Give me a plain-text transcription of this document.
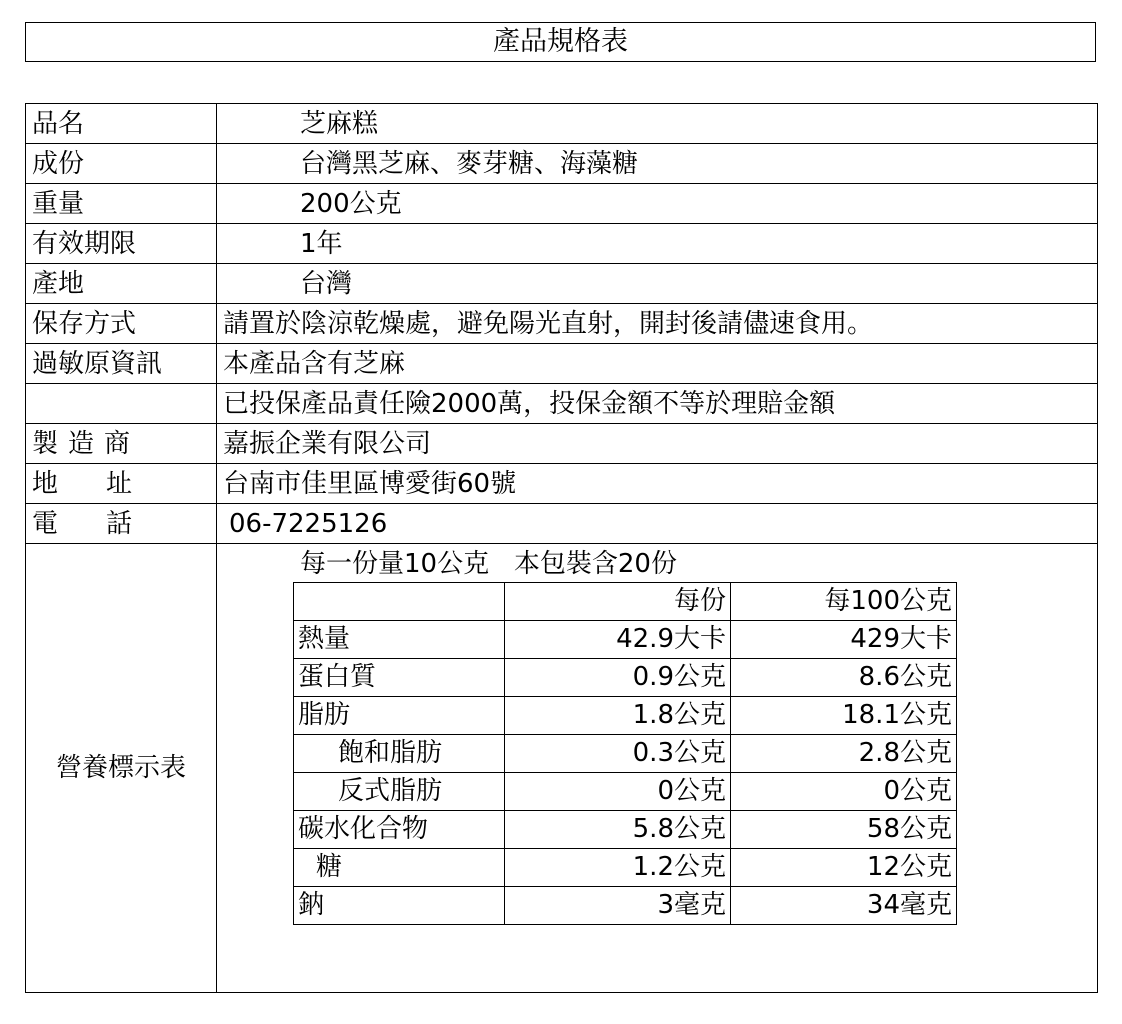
產品規格表
品名	芝麻糕
成份	台灣黑芝麻、麥芽糖、海藻糖
重量	200公克
有效期限	1年
產地	台灣
保存方式	請置於陰涼乾燥處，避免陽光直射，開封後請儘速食用。
過敏原資訊	本產品含有芝麻
	已投保產品責任險2000萬，投保金額不等於理賠金額
製造商	嘉振企業有限公司
地址	台南市佳里區博愛街60號
電話	06-7225126
營養標示表	
每一份量10公克 本包裝含20份
	每份	每100公克
熱量	42.9大卡	429大卡
蛋白質	0.9公克	8.6公克
脂肪	1.8公克	18.1公克
飽和脂肪	0.3公克	2.8公克
反式脂肪	0公克	0公克
碳水化合物	5.8公克	58公克
糖	1.2公克	12公克
鈉	3毫克	34毫克
